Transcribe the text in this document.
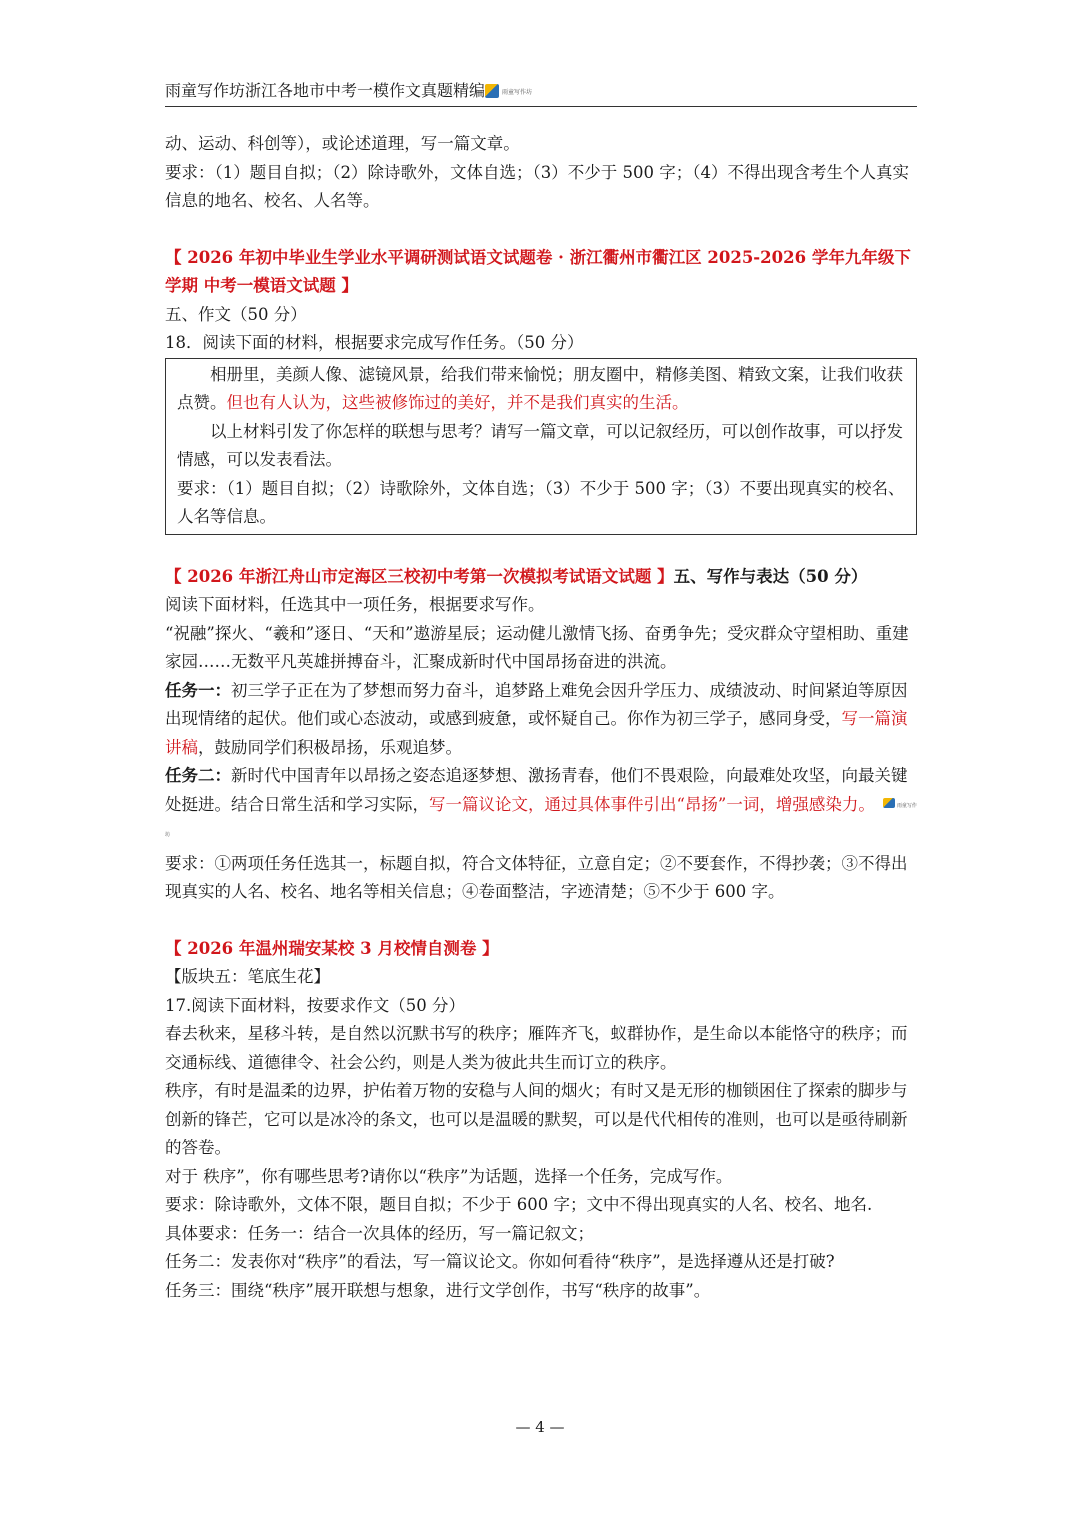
雨童写作坊浙江各地市中考一模作文真题精编	雨童写作坊

动、运动、科创等），或论述道理，写一篇文章。

要求：（1）题目自拟；（2）除诗歌外，文体自选；（3）不少于 500 字；（4）不得出现含考生个人真实信息的地名、校名、人名等。

【 2026 年初中毕业生学业水平调研测试语文试题卷 · 浙江衢州市衢江区 2025-2026 学年九年级下学期 中考一模语文试题 】

五、作文（50 分）

18．阅读下面的材料，根据要求完成写作任务。（50 分）

相册里，美颜人像、滤镜风景，给我们带来愉悦；朋友圈中，精修美图、精致文案，让我们收获点赞。但也有人认为，这些被修饰过的美好，并不是我们真实的生活。

以上材料引发了你怎样的联想与思考？请写一篇文章，可以记叙经历，可以创作故事，可以抒发情感，可以发表看法。

要求：（1）题目自拟；（2）诗歌除外，文体自选；（3）不少于 500 字；（3）不要出现真实的校名、人名等信息。

【 2026 年浙江舟山市定海区三校初中考第一次模拟考试语文试题 】五、写作与表达（50 分）

阅读下面材料，任选其中一项任务，根据要求写作。

“祝融”探火、“羲和”逐日、“天和”遨游星辰；运动健儿激情飞扬、奋勇争先；受灾群众守望相助、重建家园……无数平凡英雄拼搏奋斗，汇聚成新时代中国昂扬奋进的洪流。

任务一：初三学子正在为了梦想而努力奋斗，追梦路上难免会因升学压力、成绩波动、时间紧迫等原因出现情绪的起伏。他们或心态波动，或感到疲惫，或怀疑自己。你作为初三学子，感同身受，写一篇演讲稿，鼓励同学们积极昂扬，乐观追梦。

任务二：新时代中国青年以昂扬之姿态追逐梦想、激扬青春，他们不畏艰险，向最难处攻坚，向最关键处挺进。结合日常生活和学习实际，写一篇议论文，通过具体事件引出“昂扬”一词，增强感染力。	雨童写作坊

要求：①两项任务任选其一，标题自拟，符合文体特征，立意自定；②不要套作，不得抄袭；③不得出现真实的人名、校名、地名等相关信息；④卷面整洁，字迹清楚；⑤不少于 600 字。

【 2026 年温州瑞安某校 3 月校情自测卷 】

【版块五：笔底生花】

17.阅读下面材料，按要求作文（50 分）

春去秋来，星移斗转，是自然以沉默书写的秩序；雁阵齐飞，蚁群协作，是生命以本能恪守的秩序；而交通标线、道德律令、社会公约，则是人类为彼此共生而订立的秩序。

秩序，有时是温柔的边界，护佑着万物的安稳与人间的烟火；有时又是无形的枷锁困住了探索的脚步与创新的锋芒，它可以是冰冷的条文，也可以是温暖的默契，可以是代代相传的准则，也可以是亟待刷新的答卷。

对于 秩序”，你有哪些思考?请你以“秩序”为话题，选择一个任务，完成写作。

要求：除诗歌外，文体不限，题目自拟；不少于 600 字；文中不得出现真实的人名、校名、地名.

具体要求：任务一：结合一次具体的经历，写一篇记叙文；

任务二：发表你对“秩序”的看法，写一篇议论文。你如何看待“秩序”，是选择遵从还是打破?

任务三：围绕“秩序”展开联想与想象，进行文学创作，书写“秩序的故事”。

— 4 —
